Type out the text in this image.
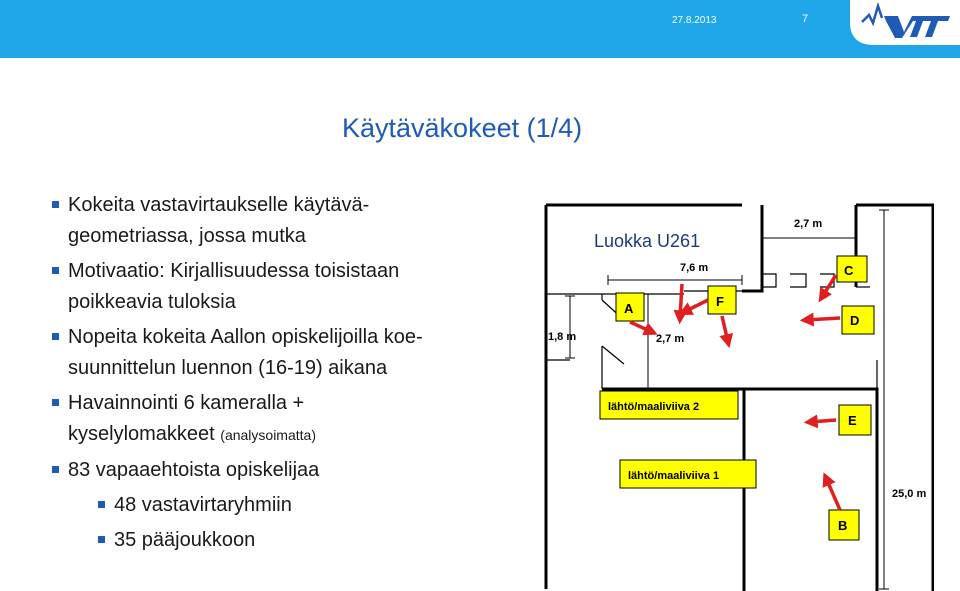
27.8.2013	7
Käytäväkokeet (1/4)
Kokeita vastavirtaukselle käytävä-
geometriassa, jossa mutka
Motivaatio: Kirjallisuudessa toisistaan
poikkeavia tuloksia
Nopeita kokeita Aallon opiskelijoilla koe-
suunnittelun luennon (16-19) aikana
Havainnointi 6 kameralla +
kyselylomakkeet (analysoimatta)
83 vapaaehtoista opiskelijaa
48 vastavirtaryhmiin
35 pääjoukkoon
Luokka U261
2,7 m
7,6 m
1,8 m	2,7 m
25,0 m
A	F
C
D
E
B
lähtö/maaliviiva 2
lähtö/maaliviiva 1
